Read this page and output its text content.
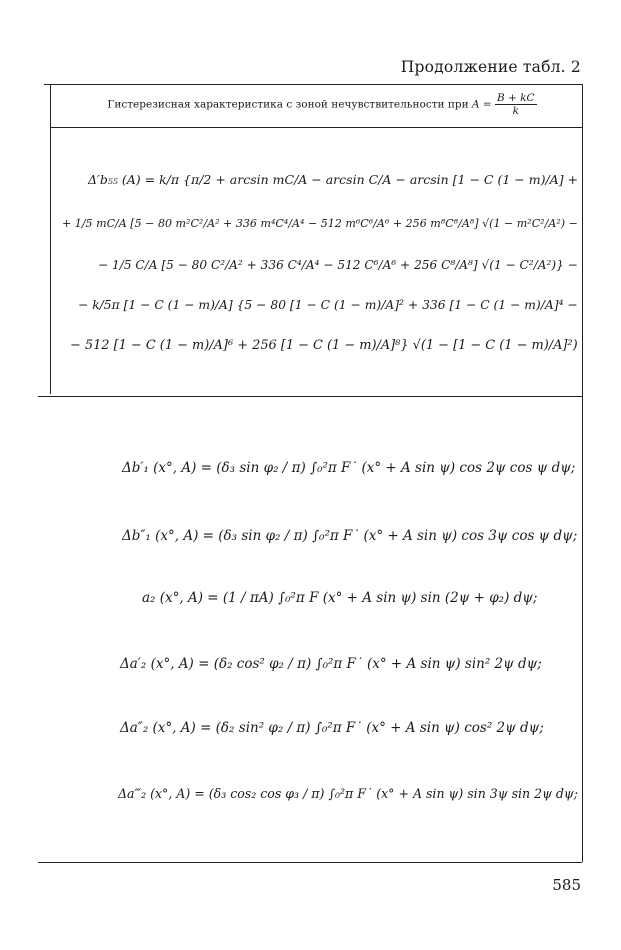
Продолжение табл. 2
Гистерезисная характеристика с зоной нечувствительности при $A = \frac{B + kC}{k}$
Δ′b₅₅ (A) = k/π {π/2 + arcsin mC/A − arcsin C/A − arcsin [1 − C (1 − m)/A] +
+ 1/5 mC/A [5 − 80 m²C²/A² + 336 m⁴C⁴/A⁴ − 512 m⁶C⁶/A⁶ + 256 m⁸C⁸/A⁸] √(1 − m²C²/A²) −
− 1/5 C/A [5 − 80 C²/A² + 336 C⁴/A⁴ − 512 C⁶/A⁶ + 256 C⁸/A⁸] √(1 − C²/A²)} −
− k/5π [1 − C (1 − m)/A] {5 − 80 [1 − C (1 − m)/A]² + 336 [1 − C (1 − m)/A]⁴ −
− 512 [1 − C (1 − m)/A]⁶ + 256 [1 − C (1 − m)/A]⁸} √(1 − [1 − C (1 − m)/A]²)
Δb′₁ (x°, A) = (δ₃ sin φ₂ / π) ∫₀²π F˙ (x° + A sin ψ) cos 2ψ cos ψ dψ;
Δb″₁ (x°, A) = (δ₃ sin φ₂ / π) ∫₀²π F˙ (x° + A sin ψ) cos 3ψ cos ψ dψ;
a₂ (x°, A) = (1 / πA) ∫₀²π F (x° + A sin ψ) sin (2ψ + φ₂) dψ;
Δa′₂ (x°, A) = (δ₂ cos² φ₂ / π) ∫₀²π F˙ (x° + A sin ψ) sin² 2ψ dψ;
Δa″₂ (x°, A) = (δ₂ sin² φ₂ / π) ∫₀²π F˙ (x° + A sin ψ) cos² 2ψ dψ;
Δa‴₂ (x°, A) = (δ₃ cos₂ cos φ₃ / π) ∫₀²π F˙ (x° + A sin ψ) sin 3ψ sin 2ψ dψ;
585
